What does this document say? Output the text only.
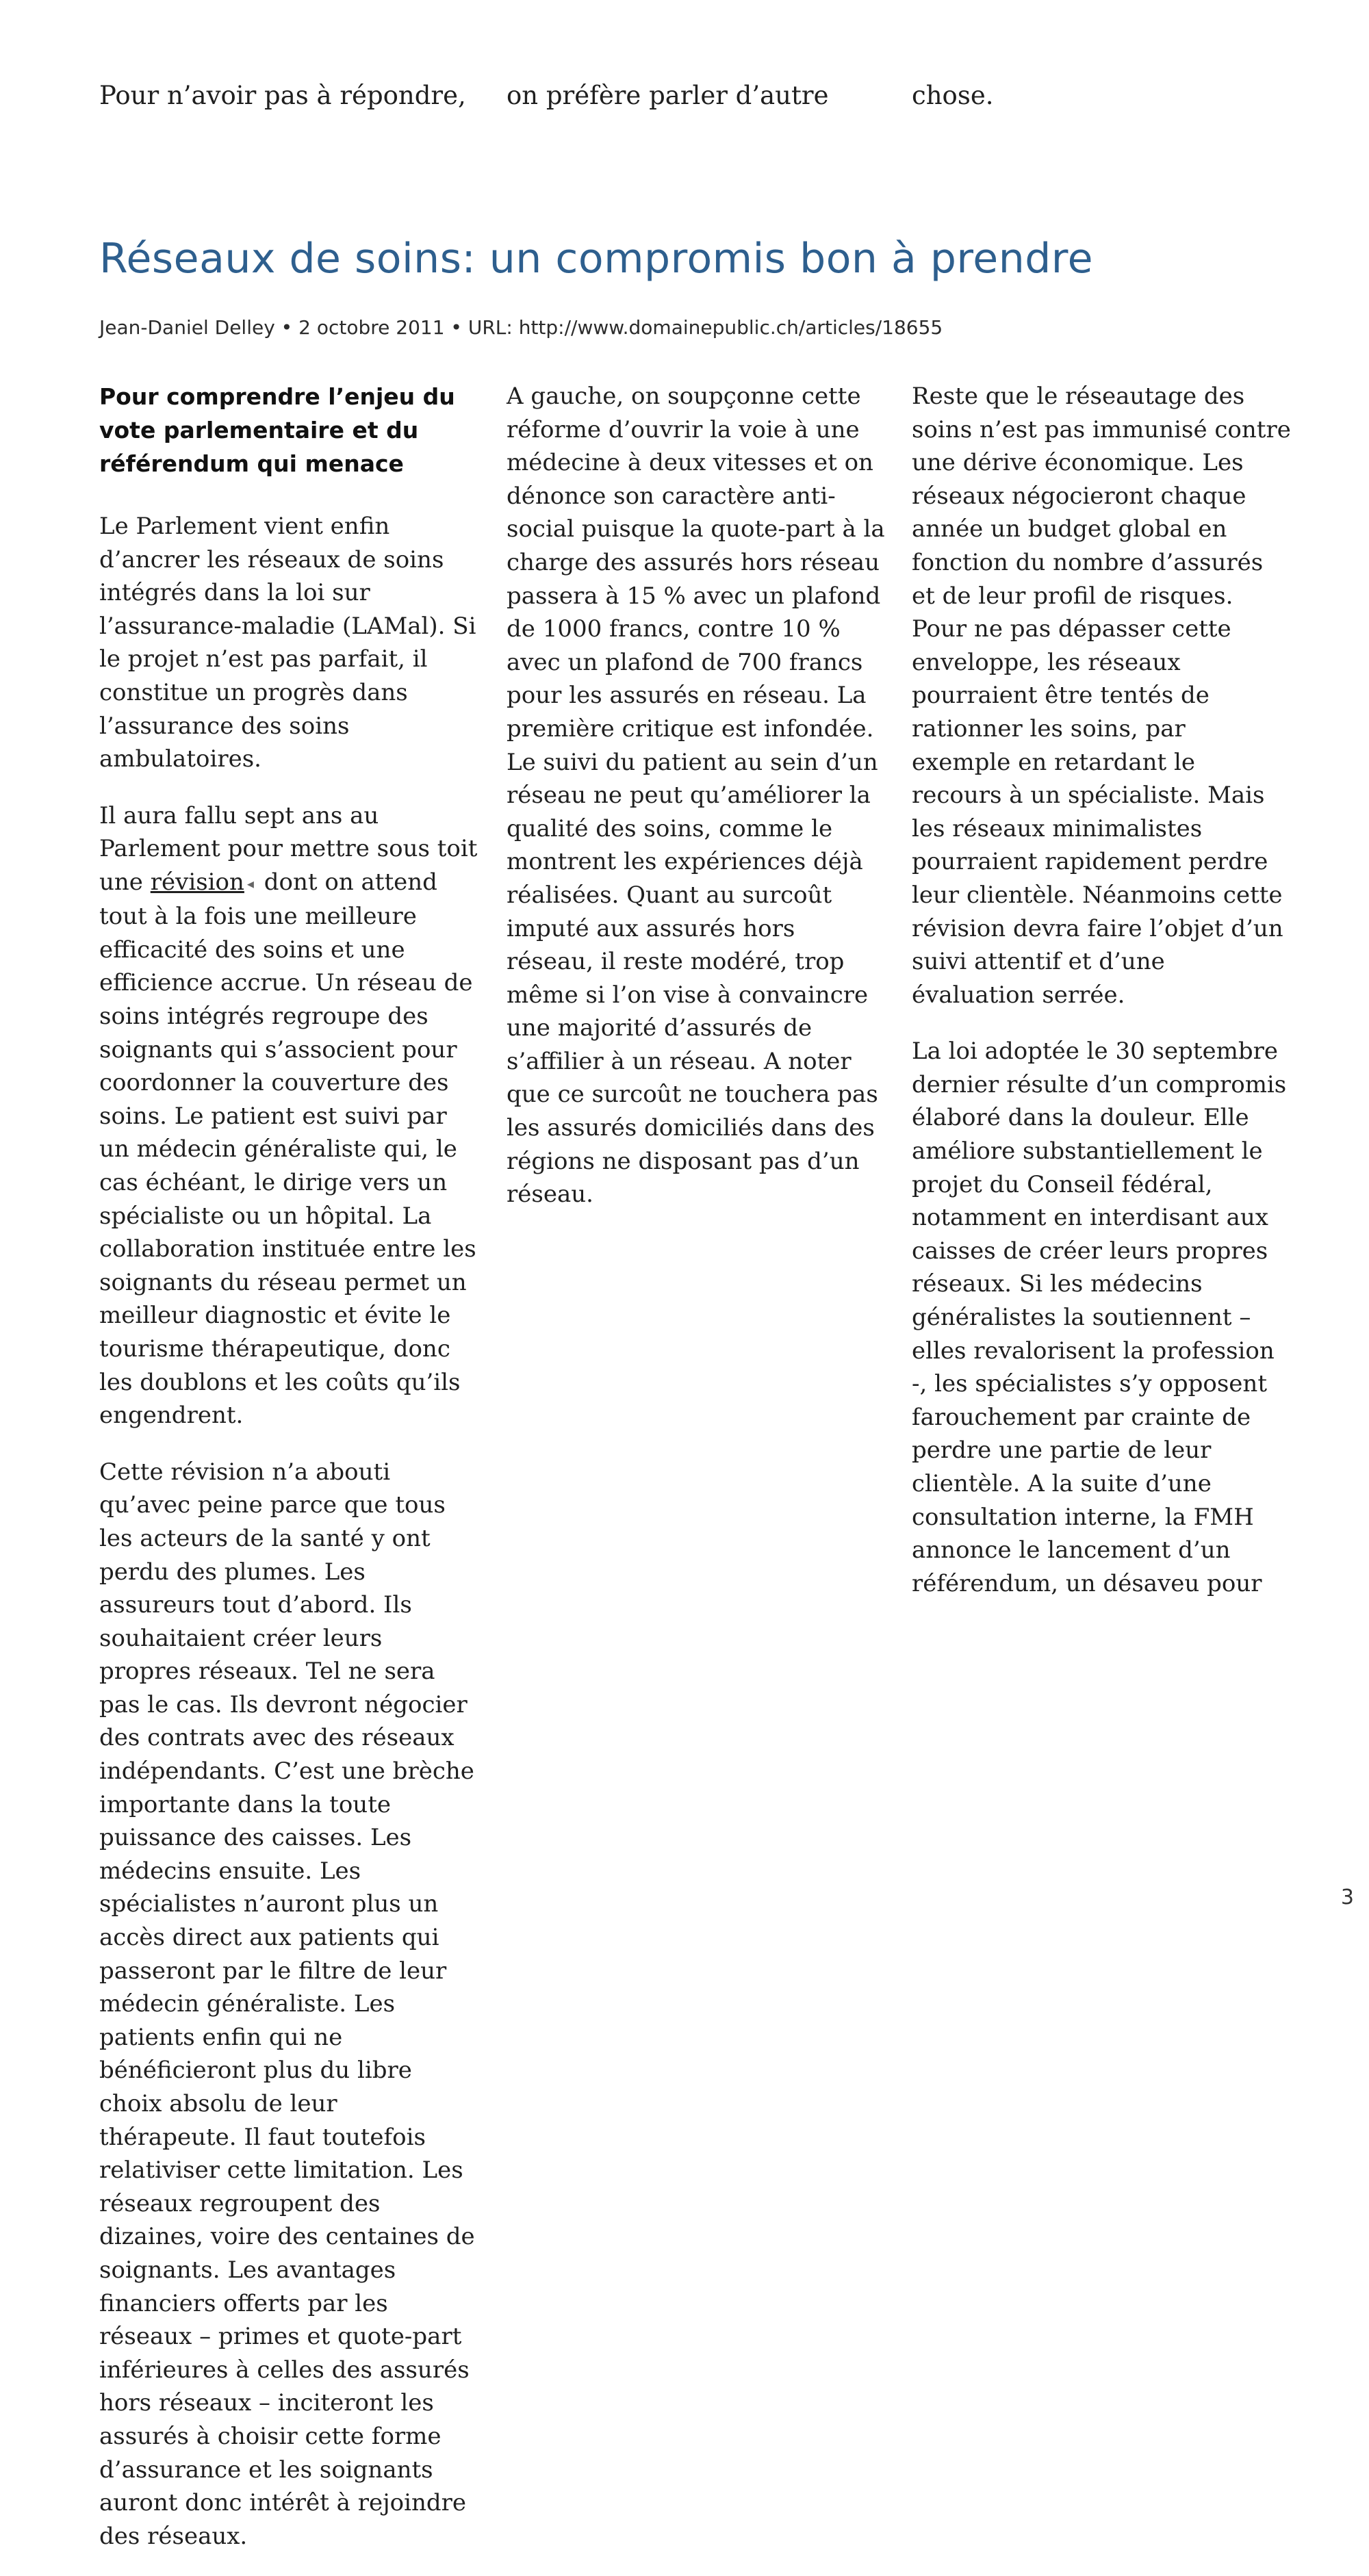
Pour n’avoir pas à répondre, on préfère parler d’autre	chose.
Réseaux de soins: un compromis bon à prendre
Jean-Daniel Delley • 2 octobre 2011 • URL: http://www.domainepublic.ch/articles/18655

Pour comprendre l’enjeu du vote parlementaire et du référendum qui menace

Le Parlement vient enfin d’ancrer les réseaux de soins intégrés dans la loi sur l’assurance-maladie (LAMal). Si le projet n’est pas parfait, il constitue un progrès dans l’assurance des soins ambulatoires.

Il aura fallu sept ans au Parlement pour mettre sous toit une révision ◂ dont on attend tout à la fois une meilleure efficacité des soins et une efficience accrue. Un réseau de soins intégrés regroupe des soignants qui s’associent pour coordonner la couverture des soins. Le patient est suivi par un médecin généraliste qui, le cas échéant, le dirige vers un spécialiste ou un hôpital. La collaboration instituée entre les soignants du réseau permet un meilleur diagnostic et évite le tourisme thérapeutique, donc les doublons et les coûts qu’ils engendrent.

Cette révision n’a abouti qu’avec peine parce que tous les acteurs de la santé y ont perdu des plumes. Les assureurs tout d’abord. Ils souhaitaient créer leurs propres réseaux. Tel ne sera pas le cas. Ils devront négocier des contrats avec des réseaux indépendants. C’est une brèche importante dans la toute puissance des caisses. Les médecins ensuite. Les spécialistes n’auront plus un accès direct aux patients qui passeront par le filtre de leur médecin généraliste. Les patients enfin qui ne bénéficieront plus du libre choix absolu de leur thérapeute. Il faut toutefois relativiser cette limitation. Les réseaux regroupent des dizaines, voire des centaines de soignants. Les avantages financiers offerts par les réseaux – primes et quote-part inférieures à celles des assurés hors réseaux – inciteront les assurés à choisir cette forme d’assurance et les soignants auront donc intérêt à rejoindre des réseaux.

A gauche, on soupçonne cette réforme d’ouvrir la voie à une médecine à deux vitesses et on dénonce son caractère anti-social puisque la quote-part à la charge des assurés hors réseau passera à 15 % avec un plafond de 1000 francs, contre 10 % avec un plafond de 700 francs pour les assurés en réseau. La première critique est infondée. Le suivi du patient au sein d’un réseau ne peut qu’améliorer la qualité des soins, comme le montrent les expériences déjà réalisées. Quant au surcoût imputé aux assurés hors réseau, il reste modéré, trop même si l’on vise à convaincre une majorité d’assurés de s’affilier à un réseau. A noter que ce surcoût ne touchera pas les assurés domiciliés dans des régions ne disposant pas d’un réseau.

Reste que le réseautage des soins n’est pas immunisé contre une dérive économique. Les réseaux négocieront chaque année un budget global en fonction du nombre d’assurés et de leur profil de risques. Pour ne pas dépasser cette enveloppe, les réseaux pourraient être tentés de rationner les soins, par exemple en retardant le recours à un spécialiste. Mais les réseaux minimalistes pourraient rapidement perdre leur clientèle. Néanmoins cette révision devra faire l’objet d’un suivi attentif et d’une évaluation serrée.

La loi adoptée le 30 septembre dernier résulte d’un compromis élaboré dans la douleur. Elle améliore substantiellement le projet du Conseil fédéral, notamment en interdisant aux caisses de créer leurs propres réseaux. Si les médecins généralistes la soutiennent – elles revalorisent la profession -, les spécialistes s’y opposent farouchement par crainte de perdre une partie de leur clientèle. A la suite d’une consultation interne, la FMH annonce le lancement d’un référendum, un désaveu pour

3
